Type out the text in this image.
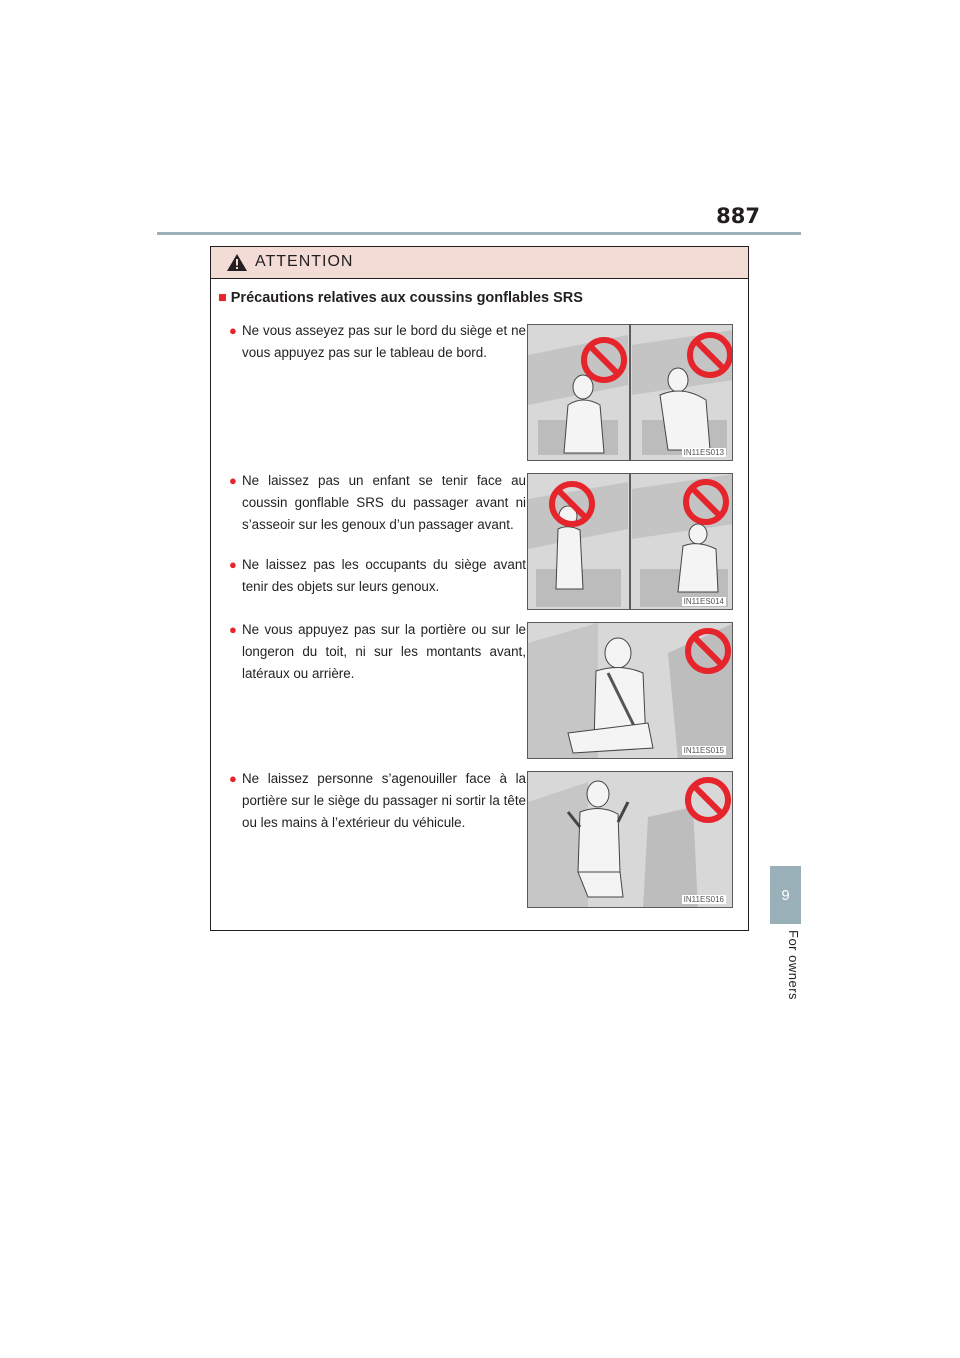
887
9
For owners
ATTENTION
■ Précautions relatives aux coussins gonflables SRS
● Ne vous asseyez pas sur le bord du siège et ne vous appuyez pas sur le tableau de bord.
● Ne laissez pas un enfant se tenir face au coussin gonflable SRS du passager avant ni s’asseoir sur les genoux d’un passager avant.
● Ne laissez pas les occupants du siège avant tenir des objets sur leurs genoux.
● Ne vous appuyez pas sur la portière ou sur le longeron du toit, ni sur les montants avant, latéraux ou arrière.
● Ne laissez personne s’agenouiller face à la portière sur le siège du passager ni sortir la tête ou les mains à l’extérieur du véhicule.
IN11ES013
IN11ES014
IN11ES015
IN11ES016
